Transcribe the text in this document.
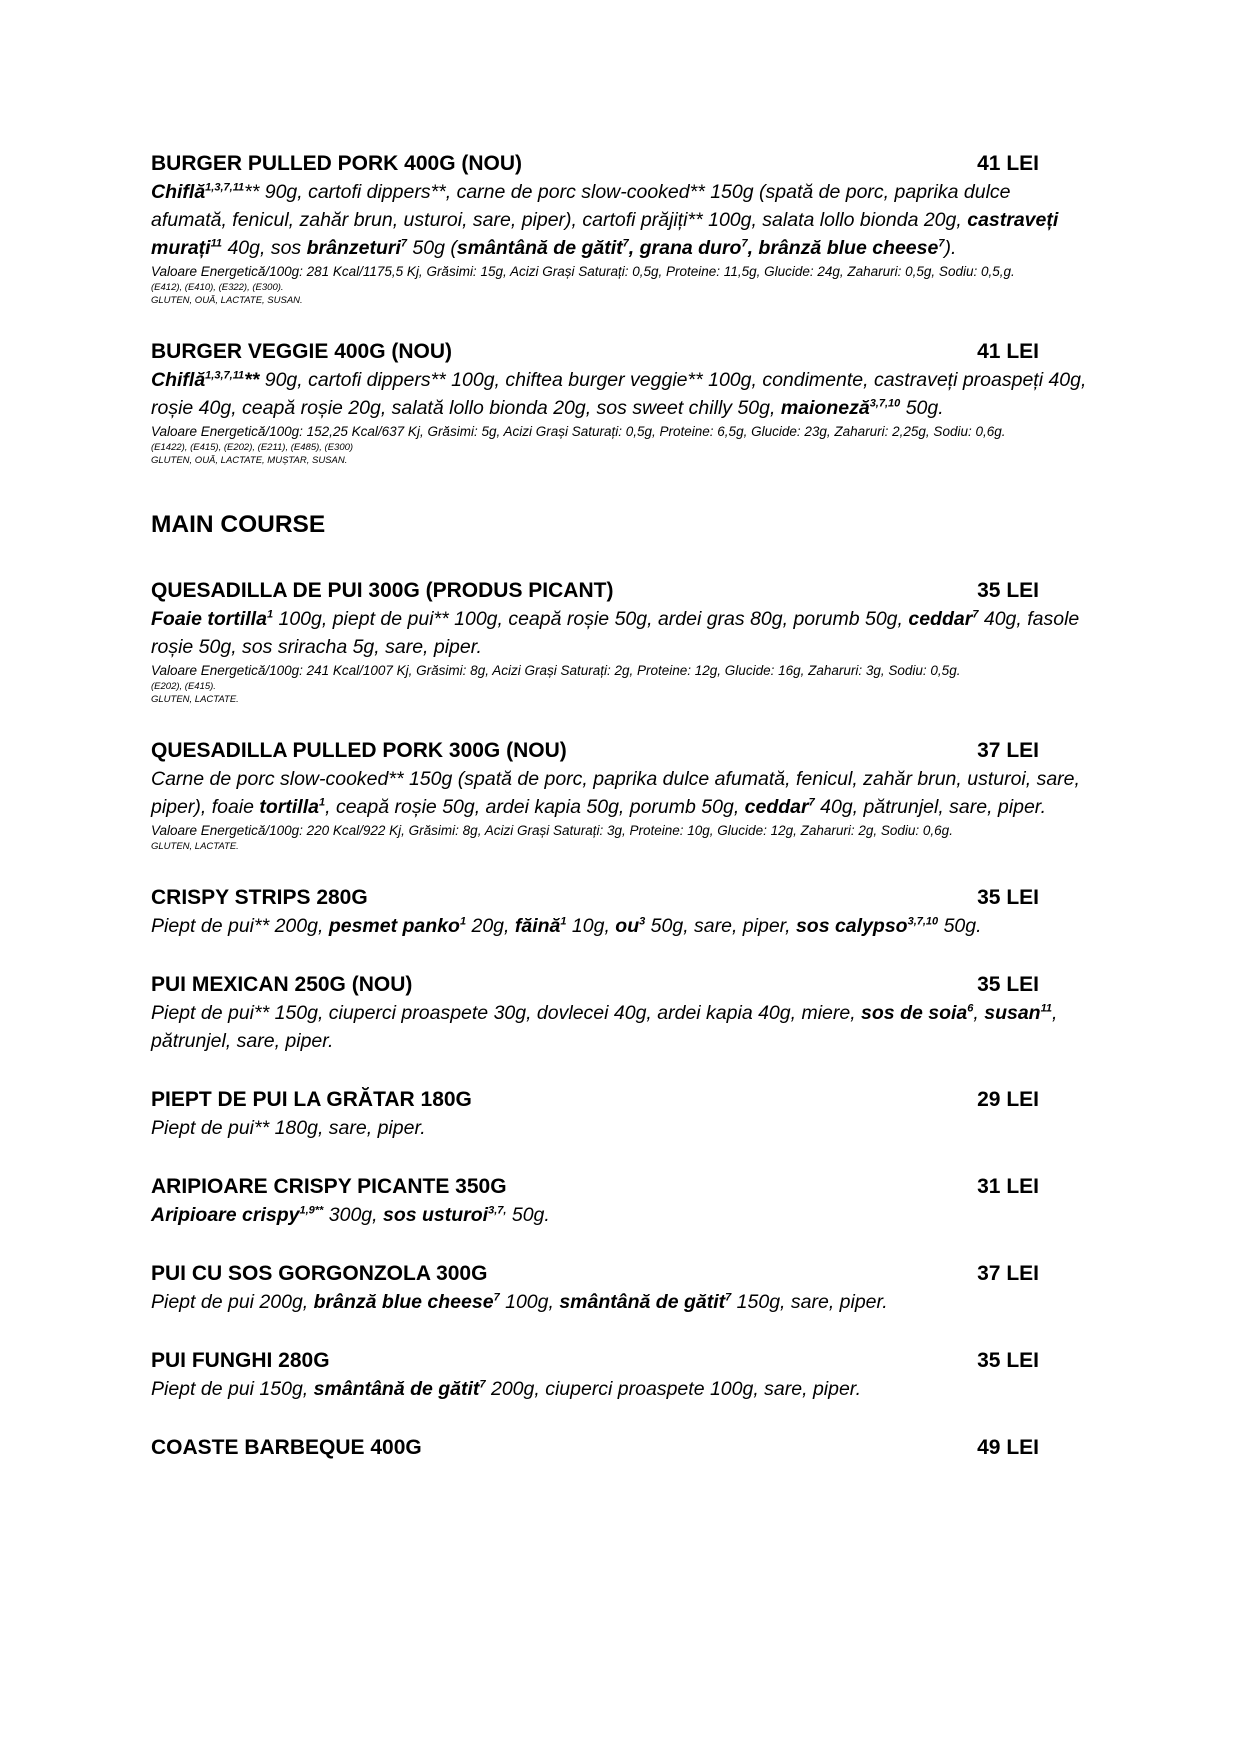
BURGER PULLED PORK 400G (NOU)	41 LEI
Chiflă$^{1,3,7,11}$** 90g, cartofi dippers**, carne de porc slow-cooked** 150g (spată de porc, paprika dulce afumată, fenicul, zahăr brun, usturoi, sare, piper), cartofi prăjiți** 100g, salata lollo bionda 20g, castraveți murați$^{11}$ 40g, sos brânzeturi$^7$ 50g (smântână de gătit$^7$, grana duro$^7$, brânză blue cheese$^7$).
Valoare Energetică/100g: 281 Kcal/1175,5 Kj, Grăsimi: 15g, Acizi Grași Saturați: 0,5g, Proteine: 11,5g, Glucide: 24g, Zaharuri: 0,5g, Sodiu: 0,5,g.
(E412), (E410), (E322), (E300).
GLUTEN, OUĂ, LACTATE, SUSAN.
BURGER VEGGIE 400G (NOU)	41 LEI
Chiflă$^{1,3,7,11}$** 90g, cartofi dippers** 100g, chiftea burger veggie** 100g, condimente, castraveți proaspeți 40g, roșie 40g, ceapă roșie 20g, salată lollo bionda 20g, sos sweet chilly 50g, maioneză$^{3,7,10}$ 50g.
Valoare Energetică/100g: 152,25 Kcal/637 Kj, Grăsimi: 5g, Acizi Grași Saturați: 0,5g, Proteine: 6,5g, Glucide: 23g, Zaharuri: 2,25g, Sodiu: 0,6g.
(E1422), (E415), (E202), (E211), (E485), (E300)
GLUTEN, OUĂ, LACTATE, MUȘTAR, SUSAN.
MAIN COURSE
QUESADILLA DE PUI 300G (PRODUS PICANT)	35 LEI
Foaie tortilla$^1$ 100g, piept de pui** 100g, ceapă roșie 50g, ardei gras 80g, porumb 50g, ceddar$^7$ 40g, fasole roșie 50g, sos sriracha 5g, sare, piper.
Valoare Energetică/100g: 241 Kcal/1007 Kj, Grăsimi: 8g, Acizi Grași Saturați: 2g, Proteine: 12g, Glucide: 16g, Zaharuri: 3g, Sodiu: 0,5g.
(E202), (E415).
GLUTEN, LACTATE.
QUESADILLA PULLED PORK 300G (NOU)	37 LEI
Carne de porc slow-cooked** 150g (spată de porc, paprika dulce afumată, fenicul, zahăr brun, usturoi, sare, piper), foaie tortilla$^1$, ceapă roșie 50g, ardei kapia 50g, porumb 50g, ceddar$^7$ 40g, pătrunjel, sare, piper.
Valoare Energetică/100g: 220 Kcal/922 Kj, Grăsimi: 8g, Acizi Grași Saturați: 3g, Proteine: 10g, Glucide: 12g, Zaharuri: 2g, Sodiu: 0,6g.
GLUTEN, LACTATE.
CRISPY STRIPS 280G	35 LEI
Piept de pui** 200g, pesmet panko$^1$ 20g, făină$^1$ 10g, $ou^3$ 50g, sare, piper, sos calypso$^{3,7,10}$ 50g.
PUI MEXICAN 250G (NOU)	35 LEI
Piept de pui** 150g, ciuperci proaspete 30g, dovlecei 40g, ardei kapia 40g, miere, sos de soia$^6$, susan$^{11}$, pătrunjel, sare, piper.
PIEPT DE PUI LA GRĂTAR 180G	29 LEI
Piept de pui** 180g, sare, piper.
ARIPIOARE CRISPY PICANTE 350G	31 LEI
Aripioare crispy$^{1,9**}$ 300g, sos usturoi$^{3,7,}$ 50g.
PUI CU SOS GORGONZOLA 300G	37 LEI
Piept de pui 200g, brânză blue cheese$^7$ 100g, smântână de gătit$^7$ 150g, sare, piper.
PUI FUNGHI 280G	35 LEI
Piept de pui 150g, smântână de gătit$^7$ 200g, ciuperci proaspete 100g, sare, piper.
COASTE BARBEQUE 400G	49 LEI
